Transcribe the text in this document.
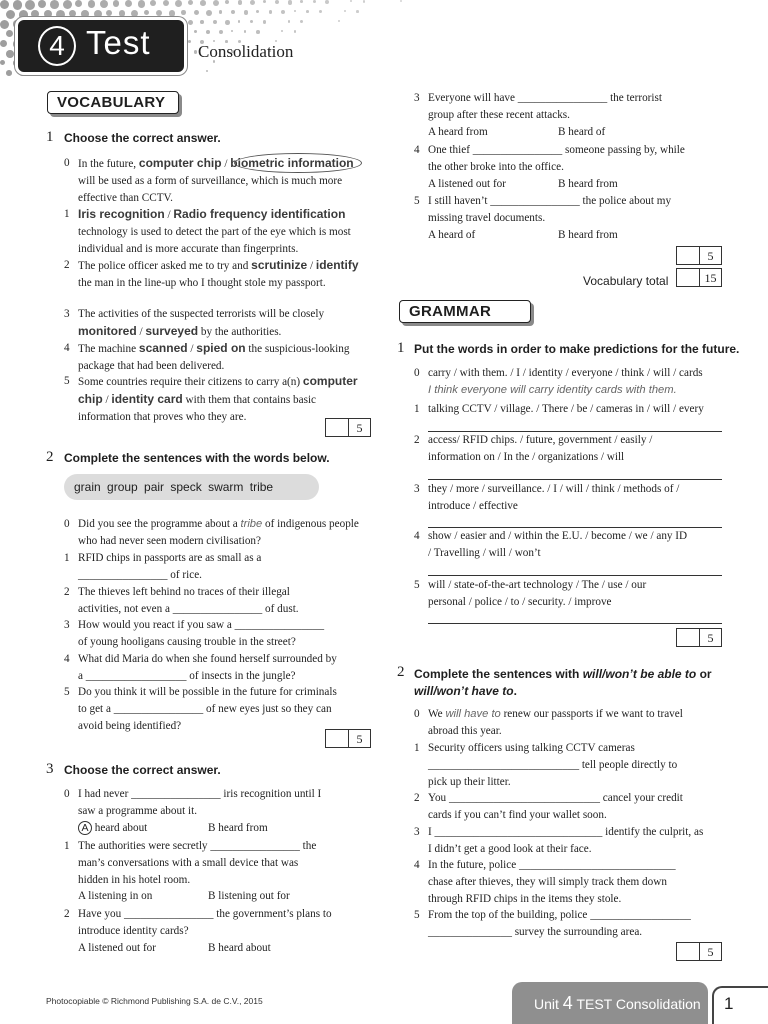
4 Test	Consolidation
VOCABULARY
1 Choose the correct answer.
0 In the future, computer chip / biometric information will be used as a form of surveillance, which is much more effective than CCTV.
1 Iris recognition / Radio frequency identification technology is used to detect the part of the eye which is most individual and is more accurate than fingerprints.
2 The police officer asked me to try and scrutinize / identify the man in the line-up who I thought stole my passport.
3 The activities of the suspected terrorists will be closely monitored / surveyed by the authorities.
4 The machine scanned / spied on the suspicious-looking package that had been delivered.
5 Some countries require their citizens to carry a(n) computer chip / identity card with them that contains basic information that proves who they are.
5
2 Complete the sentences with the words below.
grain group pair speck swarm tribe
0 Did you see the programme about a tribe of indigenous people who had never seen modern civilisation?
1 RFID chips in passports are as small as a
________________ of rice.
2 The thieves left behind no traces of their illegal
activities, not even a ________________ of dust.
3 How would you react if you saw a ________________
of young hooligans causing trouble in the street?
4 What did Maria do when she found herself surrounded by
a __________________ of insects in the jungle?
5 Do you think it will be possible in the future for criminals
to get a ________________ of new eyes just so they can
avoid being identified?
5
3 Choose the correct answer.
0 I had never ________________ iris recognition until I
saw a programme about it.
A heard about	B heard from
1 The authorities were secretly ________________ the
man’s conversations with a small device that was
hidden in his hotel room.
A listening in on	B listening out for
2 Have you ________________ the government’s plans to
introduce identity cards?
A listened out for	B heard about
3 Everyone will have ________________ the terrorist
group after these recent attacks.
A heard from	B heard of
4 One thief ________________ someone passing by, while
the other broke into the office.
A listened out for	B heard from
5 I still haven’t ________________ the police about my
missing travel documents.
A heard of	B heard from
5
Vocabulary total	15
GRAMMAR
1 Put the words in order to make predictions for the future.
0 carry / with them. / I / identity / everyone / think / will / cards
I think everyone will carry identity cards with them.
1 talking CCTV / village. / There / be / cameras in / will / every
2 access/ RFID chips. / future, government / easily /
information on / In the / organizations / will
3 they / more / surveillance. / I / will / think / methods of /
introduce / effective
4 show / easier and / within the E.U. / become / we / any ID
/ Travelling / will / won’t
5 will / state-of-the-art technology / The / use / our
personal / police / to / security. / improve
5
2 Complete the sentences with will/won’t be able to or
will/won’t have to.
0 We will have to renew our passports if we want to travel
abroad this year.
1 Security officers using talking CCTV cameras
___________________________ tell people directly to
pick up their litter.
2 You ___________________________ cancel your credit
cards if you can’t find your wallet soon.
3 I ______________________________ identify the culprit, as
I didn’t get a good look at their face.
4 In the future, police ____________________________
chase after thieves, they will simply track them down
through RFID chips in the items they stole.
5 From the top of the building, police __________________
_______________ survey the surrounding area.
5
Photocopiable © Richmond Publishing S.A. de C.V., 2015	Unit 4 TEST Consolidation	1
